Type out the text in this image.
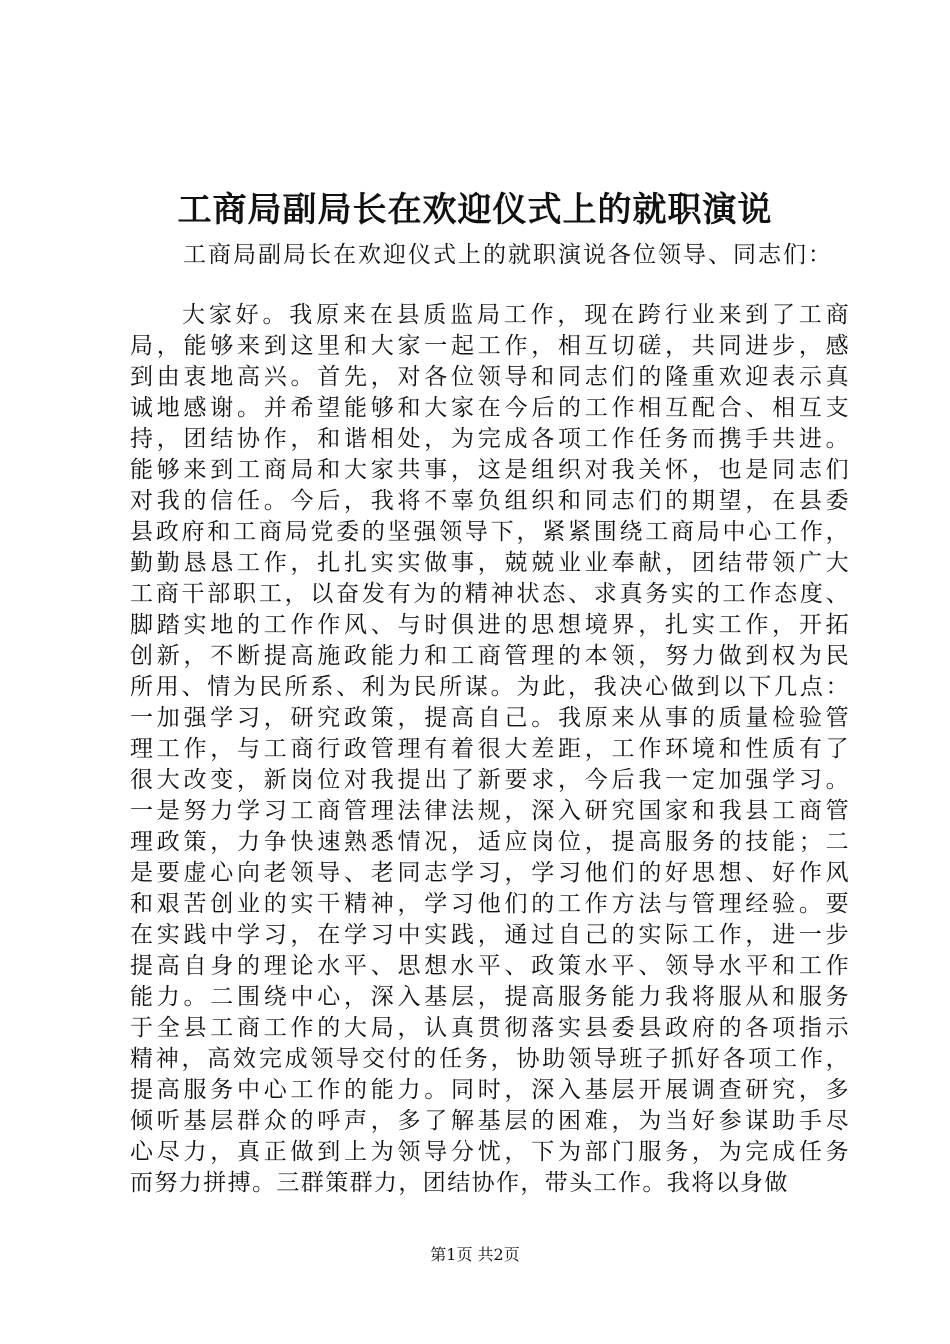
工商局副局长在欢迎仪式上的就职演说
工商局副局长在欢迎仪式上的就职演说各位领导、同志们：
大家好。我原来在县质监局工作，现在跨行业来到了工商
局，能够来到这里和大家一起工作，相互切磋，共同进步，感
到由衷地高兴。首先，对各位领导和同志们的隆重欢迎表示真
诚地感谢。并希望能够和大家在今后的工作相互配合、相互支
持，团结协作，和谐相处，为完成各项工作任务而携手共进。
能够来到工商局和大家共事，这是组织对我关怀，也是同志们
对我的信任。今后，我将不辜负组织和同志们的期望，在县委
县政府和工商局党委的坚强领导下，紧紧围绕工商局中心工作，
勤勤恳恳工作，扎扎实实做事，兢兢业业奉献，团结带领广大
工商干部职工，以奋发有为的精神状态、求真务实的工作态度、
脚踏实地的工作作风、与时俱进的思想境界，扎实工作，开拓
创新，不断提高施政能力和工商管理的本领，努力做到权为民
所用、情为民所系、利为民所谋。为此，我决心做到以下几点：
一加强学习，研究政策，提高自己。我原来从事的质量检验管
理工作，与工商行政管理有着很大差距，工作环境和性质有了
很大改变，新岗位对我提出了新要求，今后我一定加强学习。
一是努力学习工商管理法律法规，深入研究国家和我县工商管
理政策，力争快速熟悉情况，适应岗位，提高服务的技能；二
是要虚心向老领导、老同志学习，学习他们的好思想、好作风
和艰苦创业的实干精神，学习他们的工作方法与管理经验。要
在实践中学习，在学习中实践，通过自己的实际工作，进一步
提高自身的理论水平、思想水平、政策水平、领导水平和工作
能力。二围绕中心，深入基层，提高服务能力我将服从和服务
于全县工商工作的大局，认真贯彻落实县委县政府的各项指示
精神，高效完成领导交付的任务，协助领导班子抓好各项工作，
提高服务中心工作的能力。同时，深入基层开展调查研究，多
倾听基层群众的呼声，多了解基层的困难，为当好参谋助手尽
心尽力，真正做到上为领导分忧，下为部门服务，为完成任务
而努力拼搏。三群策群力，团结协作，带头工作。我将以身做
第1页 共2页
